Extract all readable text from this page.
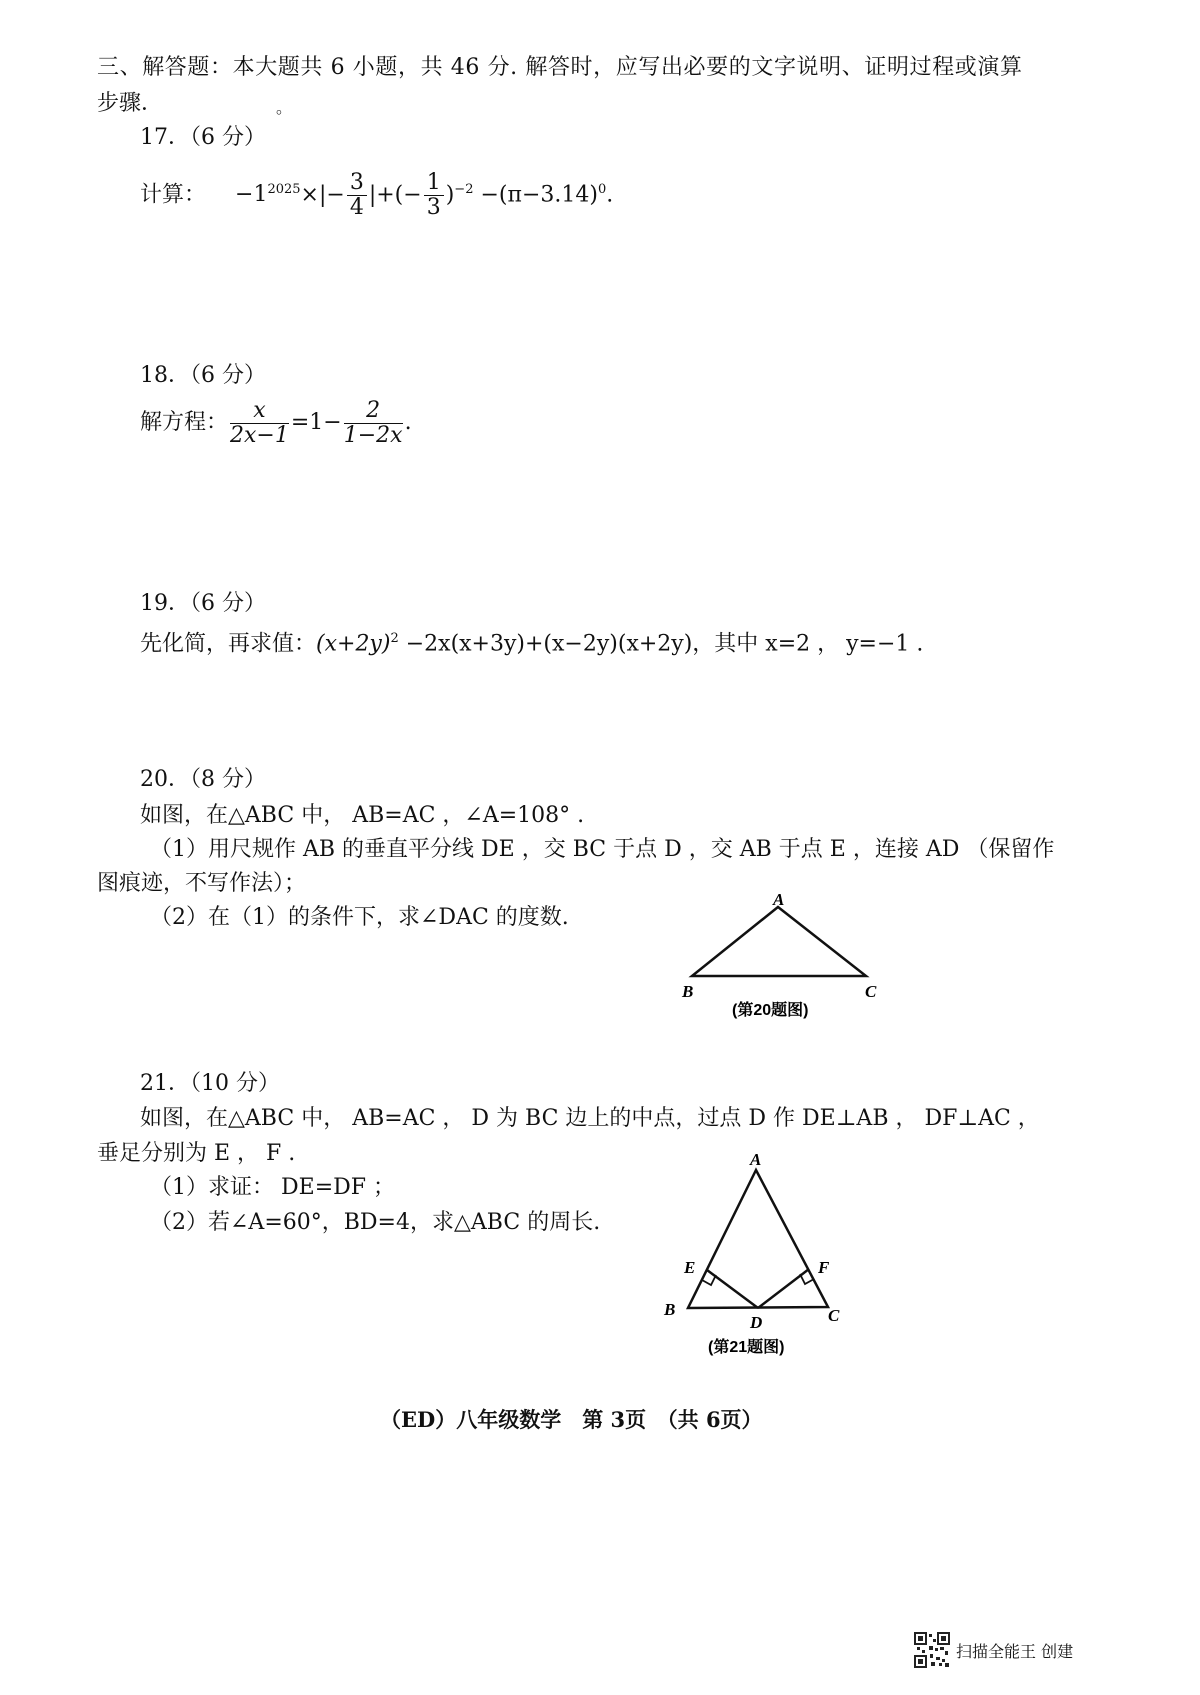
三、解答题：本大题共 6 小题，共 46 分. 解答时，应写出必要的文字说明、证明过程或演算
步骤．	。
17．（6 分）
计算： $-1^{2025}\times|- \frac{3}{4}$ |+(− $\frac{1}{3} )^{-2} -(\pi-3.14)^0$.
18．（6 分）
解方程： $\frac{x}{2x-1} =1- \frac{2}{1-2x}$ .
19．（6 分）
先化简，再求值：$(x+2y)^2 -2x(x+3y)+(x-2y)(x+2y)$，其中 x=2 ， y=−1 .
20．（8 分）
如图，在△ABC 中， AB=AC ，∠A=108° .
（1）用尺规作 AB 的垂直平分线 DE ，交 BC 于点 D ，交 AB 于点 E ，连接 AD （保留作
图痕迹，不写作法）；
（2）在（1）的条件下，求∠DAC 的度数.
A
B	C
(第20题图)
21．（10 分）
如图，在△ABC 中， AB=AC ， D 为 BC 边上的中点，过点 D 作 DE⊥AB ， DF⊥AC ，
垂足分别为 E ， F .
（1）求证： DE=DF ；
（2）若∠A=60°，BD=4，求△ABC 的周长.
A
B	C
D
E	F
(第21题图)
（ED）八年级数学　第 3页　（共 6页）
扫描全能王 创建
